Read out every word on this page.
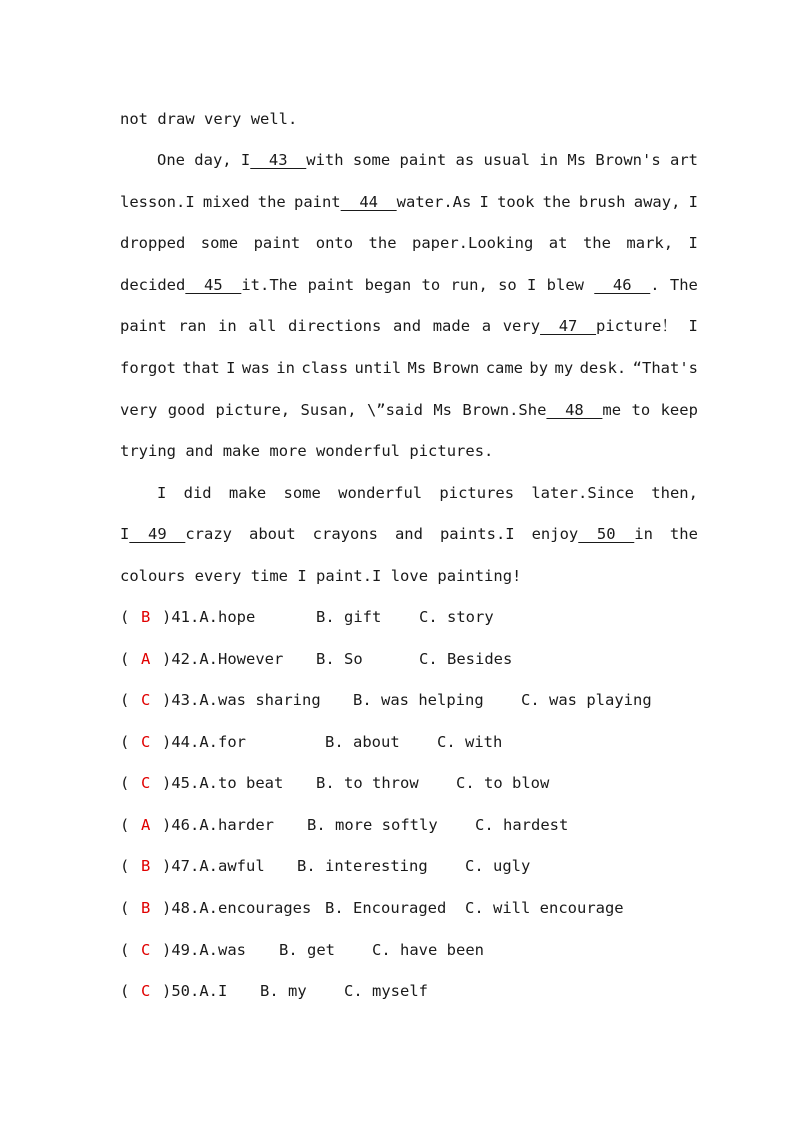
not draw very well.
One day, I  43  with some paint as usual in Ms Brown's art
lesson.I mixed the paint  44  water.As I took the brush away, I
dropped some paint onto the paper.Looking at the mark, I
decided  45  it.The paint began to run, so I blew 46  . The
paint ran in all directions and made a very  47  picture！ I
forgot that I was in class until Ms Brown came by my desk. “That's
very good picture, Susan, \”said Ms Brown.She  48  me to keep
trying and make more wonderful pictures.
I did make some wonderful pictures later.Since then,
I  49  crazy about crayons and paints.I enjoy  50  in the
colours every time I paint.I love painting!
( B )41.A.hope	B. gift C. story
( A )42.A.However B. So	C. Besides
( C )43.A.was sharing B. was helping C. was playing
( C )44.A.for	B. about C. with
( C )45.A.to beat B. to throw C. to blow
( A )46.A.harder B. more softly C. hardest
( B )47.A.awful B. interesting C. ugly
( B )48.A.encourages B. Encouraged C. will encourage
( C )49.A.was B. get C. have been
( C )50.A.I B. my C. myself
